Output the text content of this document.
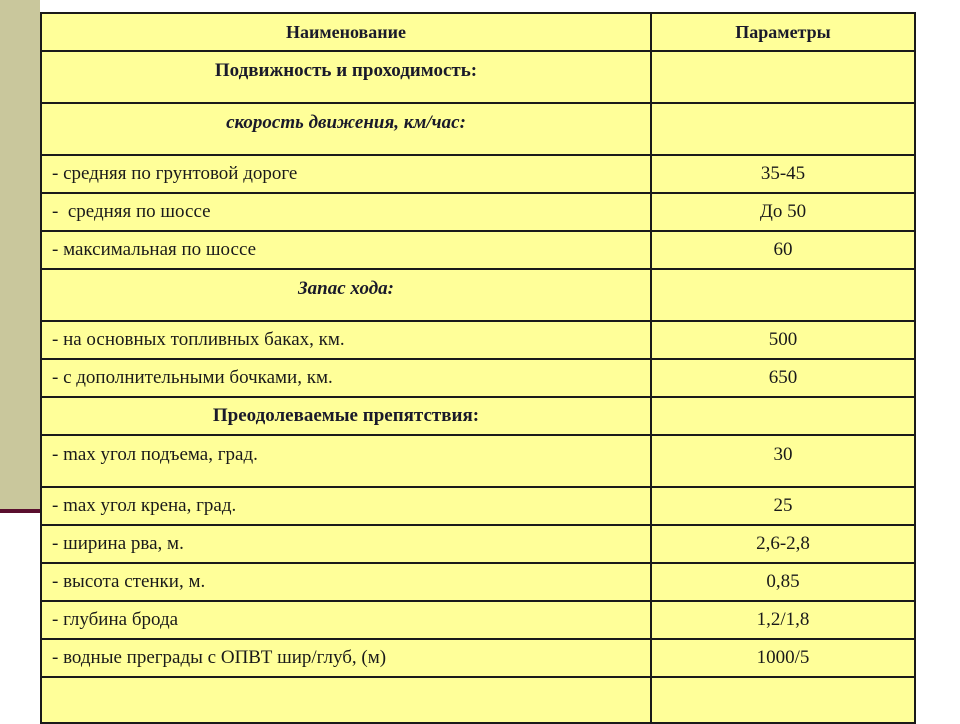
Наименование	Параметры
Подвижность и проходимость:	
скорость движения, км/час:	
- средняя по грунтовой дороге	35-45
-  средняя по шоссе	До 50
- максимальная по шоссе	60
Запас хода:	
- на основных топливных баках, км.	500
- с дополнительными бочками, км.	650
Преодолеваемые препятствия:	
- max угол подъема, град.	30
- max угол крена, град.	25
- ширина рва, м.	2,6-2,8
- высота стенки, м.	0,85
- глубина брода	1,2/1,8
- водные преграды с ОПВТ шир/глуб, (м)	1000/5
